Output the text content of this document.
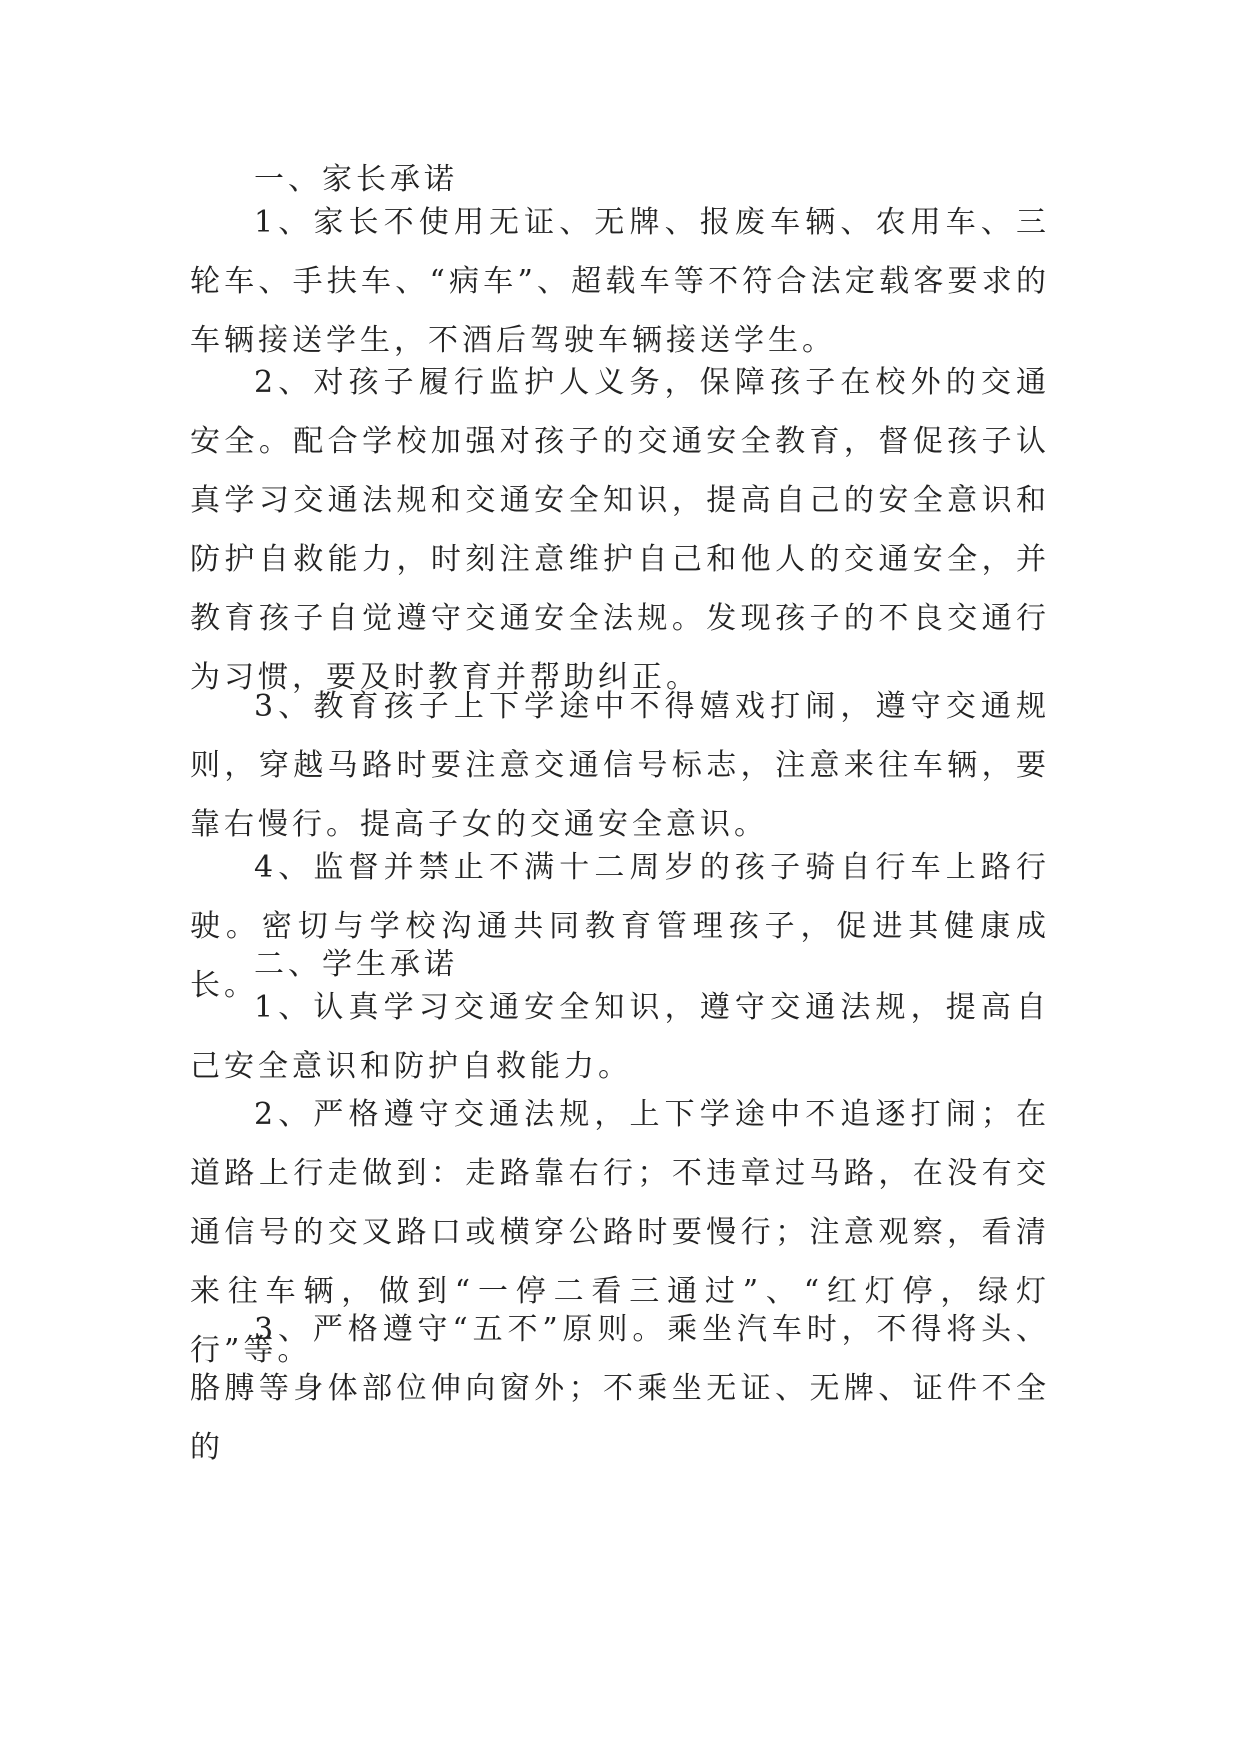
一、家长承诺

1、家长不使用无证、无牌、报废车辆、农用车、三轮车、手扶车、“病车”、超载车等不符合法定载客要求的车辆接送学生，不酒后驾驶车辆接送学生。

2、对孩子履行监护人义务，保障孩子在校外的交通安全。配合学校加强对孩子的交通安全教育，督促孩子认真学习交通法规和交通安全知识，提高自己的安全意识和防护自救能力，时刻注意维护自己和他人的交通安全，并教育孩子自觉遵守交通安全法规。发现孩子的不良交通行为习惯，要及时教育并帮助纠正。

3、教育孩子上下学途中不得嬉戏打闹，遵守交通规则，穿越马路时要注意交通信号标志，注意来往车辆，要靠右慢行。提高子女的交通安全意识。

4、监督并禁止不满十二周岁的孩子骑自行车上路行驶。密切与学校沟通共同教育管理孩子，促进其健康成长。

二、学生承诺

1、认真学习交通安全知识，遵守交通法规，提高自己安全意识和防护自救能力。

2、严格遵守交通法规，上下学途中不追逐打闹；在道路上行走做到：走路靠右行；不违章过马路，在没有交通信号的交叉路口或横穿公路时要慢行；注意观察，看清来往车辆，做到“一停二看三通过”、“红灯停，绿灯行”等。

3、严格遵守“五不”原则。乘坐汽车时，不得将头、胳膊等身体部位伸向窗外；不乘坐无证、无牌、证件不全的
